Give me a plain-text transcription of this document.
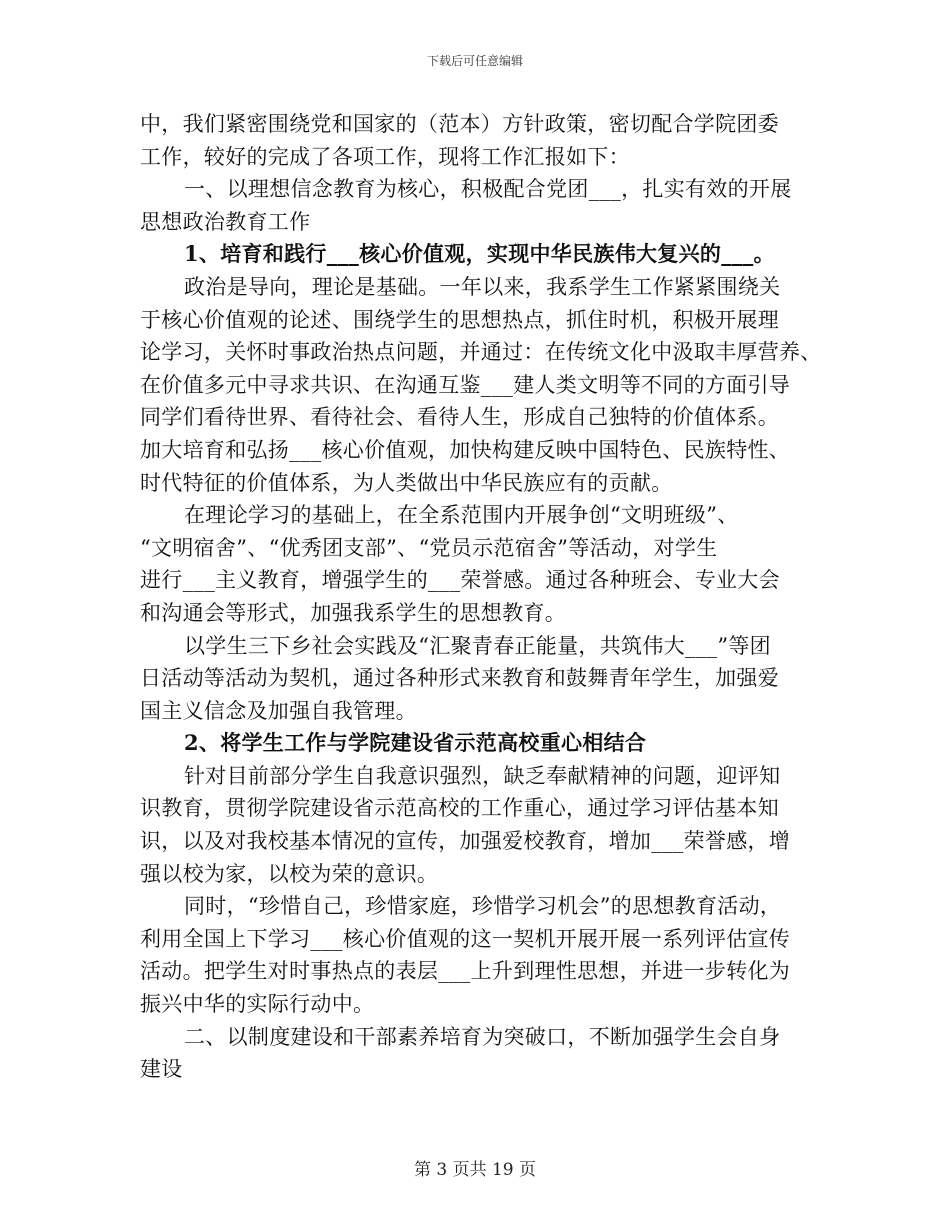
下载后可任意编辑
中，我们紧密围绕党和国家的（范本）方针政策，密切配合学院团委
工作，较好的完成了各项工作，现将工作汇报如下：
一、以理想信念教育为核心，积极配合党团___，扎实有效的开展
思想政治教育工作
1、培育和践行___核心价值观，实现中华民族伟大复兴的___。
政治是导向，理论是基础。一年以来，我系学生工作紧紧围绕关
于核心价值观的论述、围绕学生的思想热点，抓住时机，积极开展理
论学习，关怀时事政治热点问题，并通过：在传统文化中汲取丰厚营养、
在价值多元中寻求共识、在沟通互鉴___建人类文明等不同的方面引导
同学们看待世界、看待社会、看待人生，形成自己独特的价值体系。
加大培育和弘扬___核心价值观，加快构建反映中国特色、民族特性、
时代特征的价值体系，为人类做出中华民族应有的贡献。
在理论学习的基础上，在全系范围内开展争创“文明班级”、
“文明宿舍”、“优秀团支部”、“党员示范宿舍”等活动，对学生
进行___主义教育，增强学生的___荣誉感。通过各种班会、专业大会
和沟通会等形式，加强我系学生的思想教育。
以学生三下乡社会实践及“汇聚青春正能量，共筑伟大___”等团
日活动等活动为契机，通过各种形式来教育和鼓舞青年学生，加强爱
国主义信念及加强自我管理。
2、将学生工作与学院建设省示范高校重心相结合
针对目前部分学生自我意识强烈，缺乏奉献精神的问题，迎评知
识教育，贯彻学院建设省示范高校的工作重心，通过学习评估基本知
识，以及对我校基本情况的宣传，加强爱校教育，增加___荣誉感，增
强以校为家，以校为荣的意识。
同时，“珍惜自己，珍惜家庭，珍惜学习机会”的思想教育活动，
利用全国上下学习___核心价值观的这一契机开展开展一系列评估宣传
活动。把学生对时事热点的表层___上升到理性思想，并进一步转化为
振兴中华的实际行动中。
二、以制度建设和干部素养培育为突破口，不断加强学生会自身
建设
第 3 页共 19 页
